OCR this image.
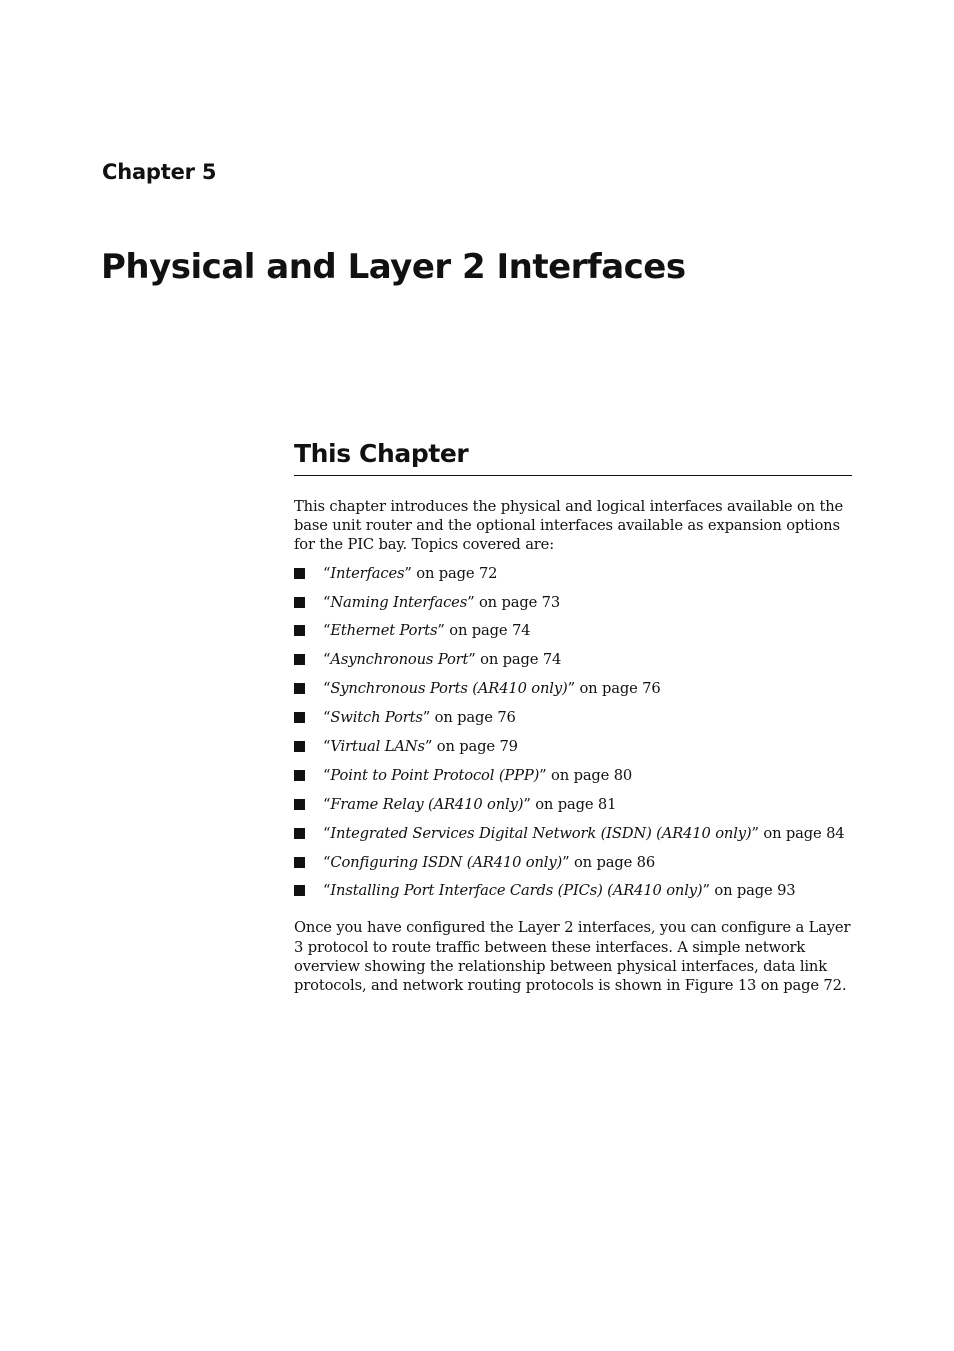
Chapter 5
Physical and Layer 2 Interfaces
This Chapter

This chapter introduces the physical and logical interfaces available on the base unit router and the optional interfaces available as expansion options for the PIC bay. Topics covered are:

“Interfaces” on page 72
“Naming Interfaces” on page 73
“Ethernet Ports” on page 74
“Asynchronous Port” on page 74
“Synchronous Ports (AR410 only)” on page 76
“Switch Ports” on page 76
“Virtual LANs” on page 79
“Point to Point Protocol (PPP)” on page 80
“Frame Relay (AR410 only)” on page 81
“Integrated Services Digital Network (ISDN) (AR410 only)” on page 84
“Configuring ISDN (AR410 only)” on page 86
“Installing Port Interface Cards (PICs) (AR410 only)” on page 93

Once you have configured the Layer 2 interfaces, you can configure a Layer 3 protocol to route traffic between these interfaces. A simple network overview showing the relationship between physical interfaces, data link protocols, and network routing protocols is shown in Figure 13 on page 72.
